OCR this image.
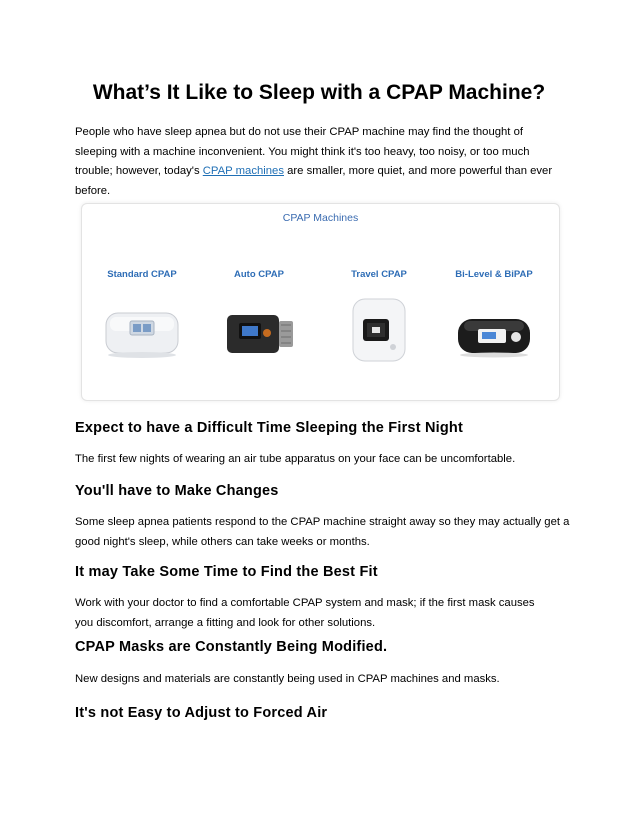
What’s It Like to Sleep with a CPAP Machine?

People who have sleep apnea but do not use their CPAP machine may find the thought of sleeping with a machine inconvenient. You might think it's too heavy, too noisy, or too much trouble; however, today's CPAP machines are smaller, more quiet, and more powerful than ever before.

CPAP Machines
Standard CPAP	Auto CPAP	Travel CPAP	Bi-Level & BiPAP
Expect to have a Difficult Time Sleeping the First Night

The first few nights of wearing an air tube apparatus on your face can be uncomfortable.

You'll have to Make Changes

Some sleep apnea patients respond to the CPAP machine straight away so they may actually get a good night's sleep, while others can take weeks or months.

It may Take Some Time to Find the Best Fit

Work with your doctor to find a comfortable CPAP system and mask; if the first mask causes you discomfort, arrange a fitting and look for other solutions.

CPAP Masks are Constantly Being Modified.

New designs and materials are constantly being used in CPAP machines and masks.

It's not Easy to Adjust to Forced Air
